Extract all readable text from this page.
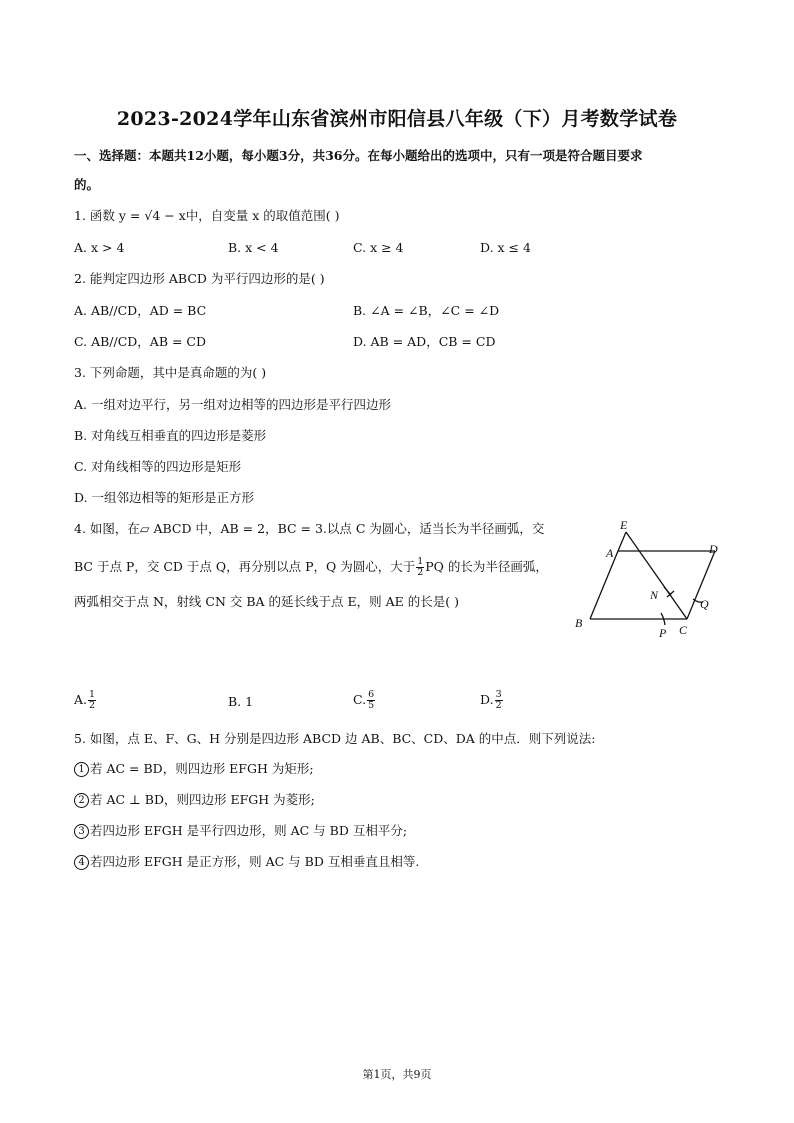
2023-2024学年山东省滨州市阳信县八年级（下）月考数学试卷
一、选择题：本题共12小题，每小题3分，共36分。在每小题给出的选项中，只有一项是符合题目要求
的。
1. 函数 y = √4 − x中，自变量 x 的取值范围( )
A. x > 4	B. x < 4	C. x ≥ 4	D. x ≤ 4
2. 能判定四边形 ABCD 为平行四边形的是( )
A. AB//CD，AD = BC	B. ∠A = ∠B，∠C = ∠D
C. AB//CD，AB = CD	D. AB = AD，CB = CD
3. 下列命题，其中是真命题的为( )
A. 一组对边平行，另一组对边相等的四边形是平行四边形
B. 对角线互相垂直的四边形是菱形
C. 对角线相等的四边形是矩形
D. 一组邻边相等的矩形是正方形
4. 如图，在▱ ABCD 中，AB = 2，BC = 3.以点 C 为圆心，适当长为半径画弧，交
BC 于点 P，交 CD 于点 Q，再分别以点 P，Q 为圆心，大于 $\frac{1}{2}$ PQ 的长为半径画弧，
两弧相交于点 N，射线 CN 交 BA 的延长线于点 E，则 AE 的长是( )
E
A	D
N
Q
B
P C
A. $\frac{1}{2}$	B. 1	C. $\frac{6}{5}$	D. $\frac{3}{2}$
5. 如图，点 E、F、G、H 分别是四边形 ABCD 边 AB、BC、CD、DA 的中点．则下列说法:
1 若 AC = BD，则四边形 EFGH 为矩形;
2 若 AC ⊥ BD，则四边形 EFGH 为菱形;
3 若四边形 EFGH 是平行四边形，则 AC 与 BD 互相平分;
4 若四边形 EFGH 是正方形，则 AC 与 BD 互相垂直且相等.
第1页，共9页
